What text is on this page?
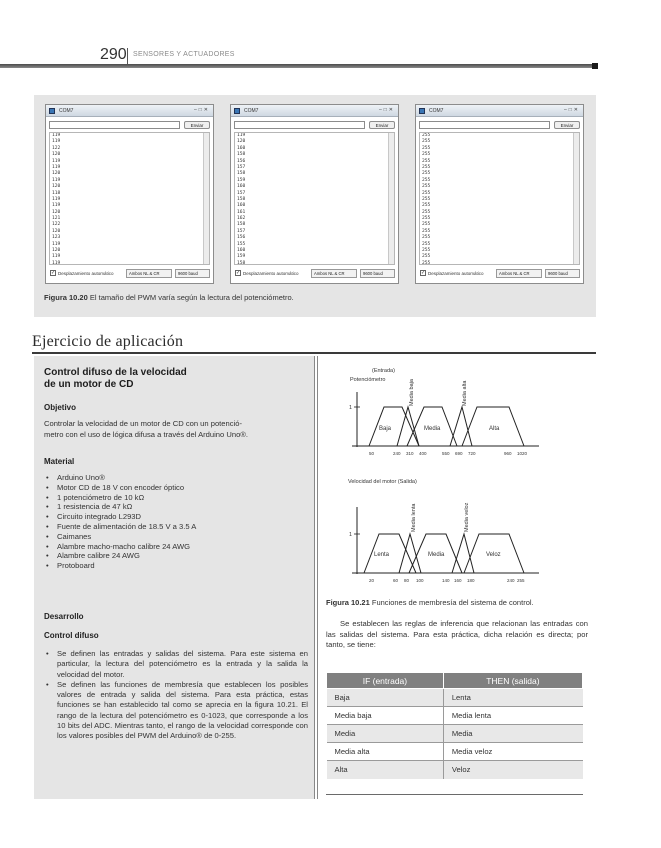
290 SENSORES Y ACTUADORES
COM7	–□✕
Enviar
119
119
122
120
119
119
120
119
120
118
119
119
120
121
122
120
123
119
120
119
119
✓ Desplazamiento automático	Ambos NL & CR	9600 baud
COM7	–□✕
Enviar
119
120
160
158
156
157
158
159
160
157
158
160
161
162
158
157
156
155
160
159
158
✓ Desplazamiento automático	Ambos NL & CR	9600 baud
COM7	–□✕
Enviar
255
255
255
255
255
255
255
255
255
255
255
255
255
255
255
255
255
255
255
255
255
✓ Desplazamiento automático	Ambos NL & CR	9600 baud
Figura 10.20 El tamaño del PWM varía según la lectura del potenciómetro.
Ejercicio de aplicación
Control difuso de la velocidad
de un motor de CD
Objetivo
Controlar la velocidad de un motor de CD con un potenció-
metro con el uso de lógica difusa a través del Arduino Uno®.
Material
• Arduino Uno®
• Motor CD de 18 V con encoder óptico
• 1 potenciómetro de 10 kΩ
• 1 resistencia de 47 kΩ
• Circuito integrado L293D
• Fuente de alimentación de 18.5 V a 3.5 A
• Caimanes
• Alambre macho-macho calibre 24 AWG
• Alambre calibre 24 AWG
• Protoboard
Desarrollo
Control difuso
• Se definen las entradas y salidas del sistema. Para este sistema en particular, la lectura del potenciómetro es la entrada y la salida la velocidad del motor.
• Se definen las funciones de membresía que establecen los posibles valores de entrada y salida del sistema. Para esta práctica, estas funciones se han establecido tal como se aprecia en la figura 10.21. El rango de la lectura del potenciómetro es 0-1023, que corresponde a los 10 bits del ADC. Mientras tanto, el rango de la velocidad corresponde con los valores posibles del PWM del Arduino® de 0-255.
(Entrada)
Potenciómetro
1
Baja	Media	Alta
Media baja	Media alta
50	240 310 400	550 690 720	960 1020
Velocidad del motor (Salida)
1
Lenta	Media	Veloz
Media lenta	Media veloz
20	60 80 100	140 160 180	240 255
Figura 10.21 Funciones de membresía del sistema de control.
Se establecen las reglas de inferencia que relacionan las entradas con las salidas del sistema. Para esta práctica, dicha relación es directa; por tanto, se tiene:
IF (entrada)	THEN (salida)
Baja	Lenta
Media baja	Media lenta
Media	Media
Media alta	Media veloz
Alta	Veloz
